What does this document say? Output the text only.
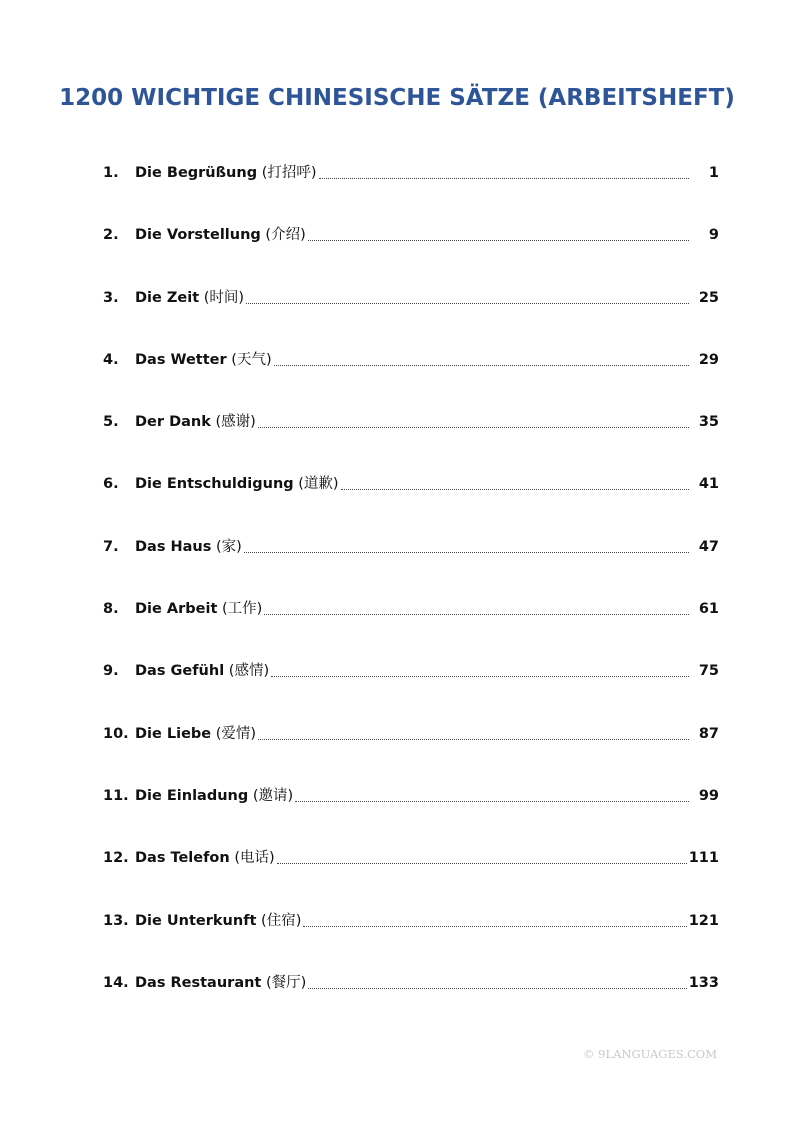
1200 WICHTIGE CHINESISCHE SÄTZE (ARBEITSHEFT)
1.	Die Begrüßung (打招呼)	1
2.	Die Vorstellung (介绍)	9
3.	Die Zeit (时间)	25
4.	Das Wetter (天气)	29
5.	Der Dank (感谢)	35
6.	Die Entschuldigung (道歉)	41
7.	Das Haus (家)	47
8.	Die Arbeit (工作)	61
9.	Das Gefühl (感情)	75
10. Die Liebe (爱情)	87
11. Die Einladung (邀请)	99
12. Das Telefon (电话)	111
13. Die Unterkunft (住宿)	121
14. Das Restaurant (餐厅)	133
© 9LANGUAGES.COM
